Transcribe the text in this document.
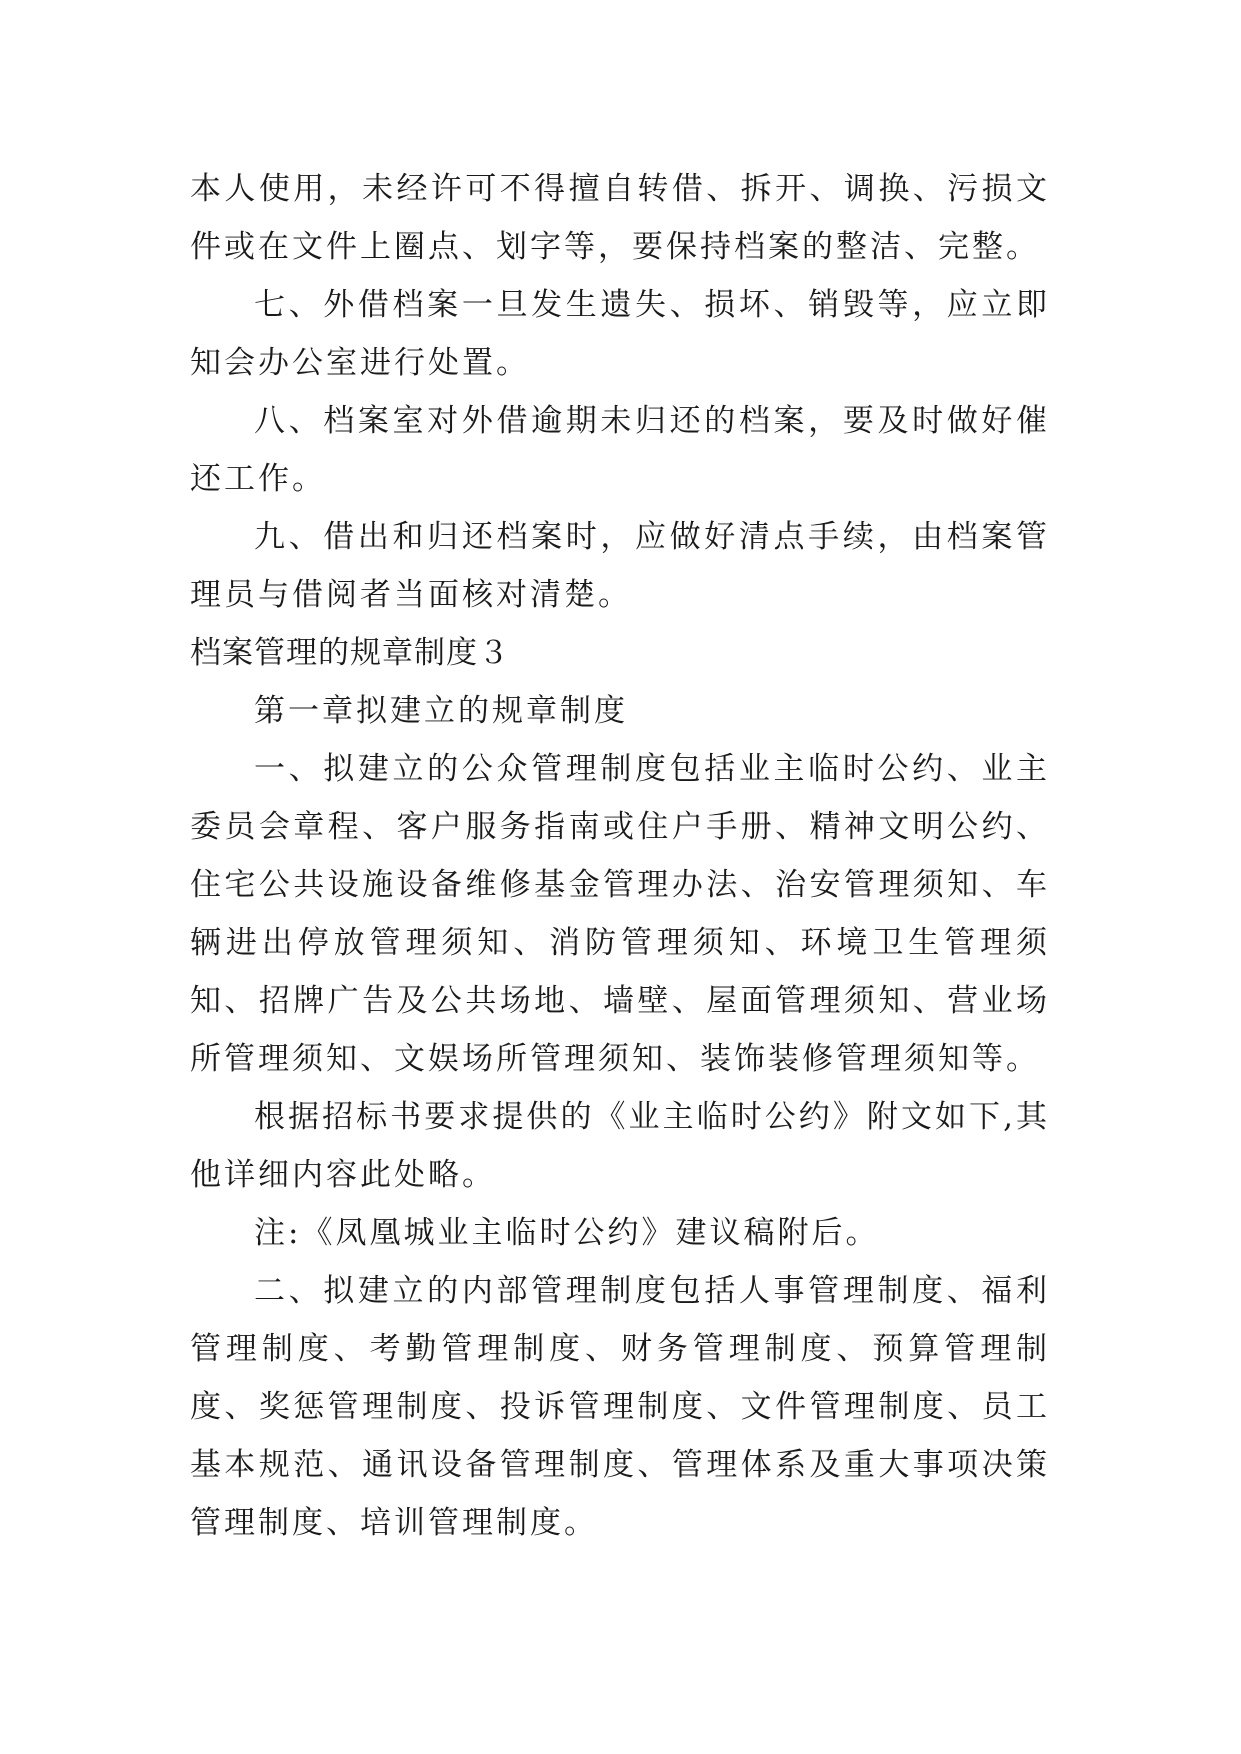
本人使用，未经许可不得擅自转借、拆开、调换、污损文件或在文件上圈点、划字等，要保持档案的整洁、完整。

七、外借档案一旦发生遗失、损坏、销毁等，应立即知会办公室进行处置。

八、档案室对外借逾期未归还的档案，要及时做好催还工作。

九、借出和归还档案时，应做好清点手续，由档案管理员与借阅者当面核对清楚。

档案管理的规章制度３

第一章拟建立的规章制度

一、拟建立的公众管理制度包括业主临时公约、业主委员会章程、客户服务指南或住户手册、精神文明公约、住宅公共设施设备维修基金管理办法、治安管理须知、车辆进出停放管理须知、消防管理须知、环境卫生管理须知、招牌广告及公共场地、墙壁、屋面管理须知、营业场所管理须知、文娱场所管理须知、装饰装修管理须知等。

根据招标书要求提供的《业主临时公约》附文如下,其他详细内容此处略。

注:《凤凰城业主临时公约》建议稿附后。

二、拟建立的内部管理制度包括人事管理制度、福利管理制度、考勤管理制度、财务管理制度、预算管理制度、奖惩管理制度、投诉管理制度、文件管理制度、员工基本规范、通讯设备管理制度、管理体系及重大事项决策管理制度、培训管理制度。
